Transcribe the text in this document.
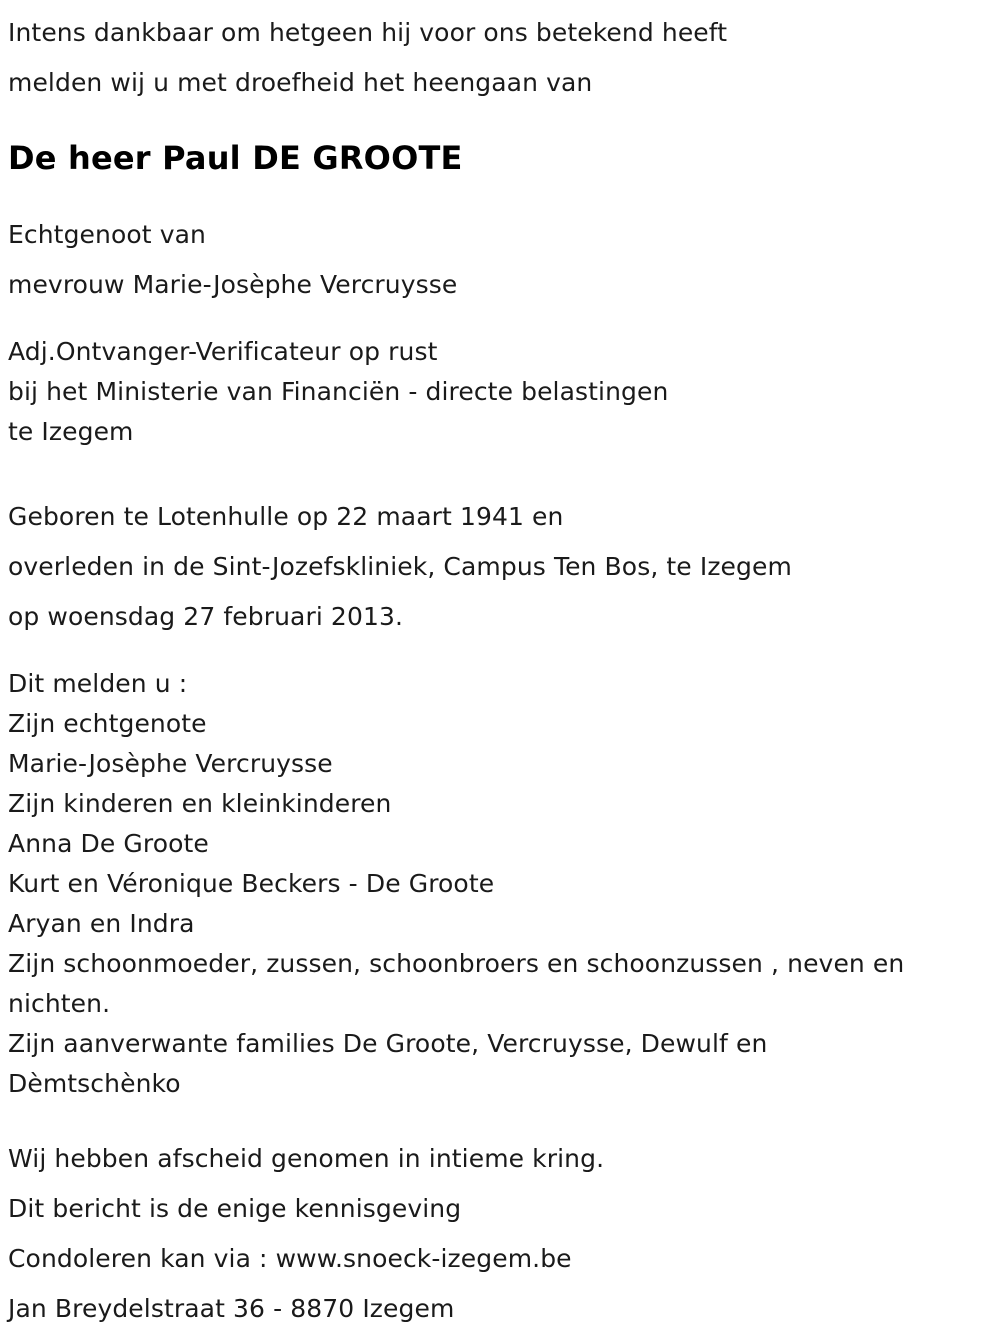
Intens dankbaar om hetgeen hij voor ons betekend heeft
melden wij u met droefheid het heengaan van
De heer Paul DE GROOTE
Echtgenoot van
mevrouw Marie-Josèphe Vercruysse
Adj.Ontvanger-Verificateur op rust
bij het Ministerie van Financiën - directe belastingen
te Izegem
Geboren te Lotenhulle op 22 maart 1941 en
overleden in de Sint-Jozefskliniek, Campus Ten Bos, te Izegem
op woensdag 27 februari 2013.
Dit melden u :
Zijn echtgenote
Marie-Josèphe Vercruysse
Zijn kinderen en kleinkinderen
Anna De Groote
Kurt en Véronique Beckers - De Groote
Aryan en Indra
Zijn schoonmoeder, zussen, schoonbroers en schoonzussen , neven en
nichten.
Zijn aanverwante families De Groote, Vercruysse, Dewulf en
Dèmtschènko
Wij hebben afscheid genomen in intieme kring.
Dit bericht is de enige kennisgeving
Condoleren kan via : www.snoeck-izegem.be
Jan Breydelstraat 36 - 8870 Izegem
